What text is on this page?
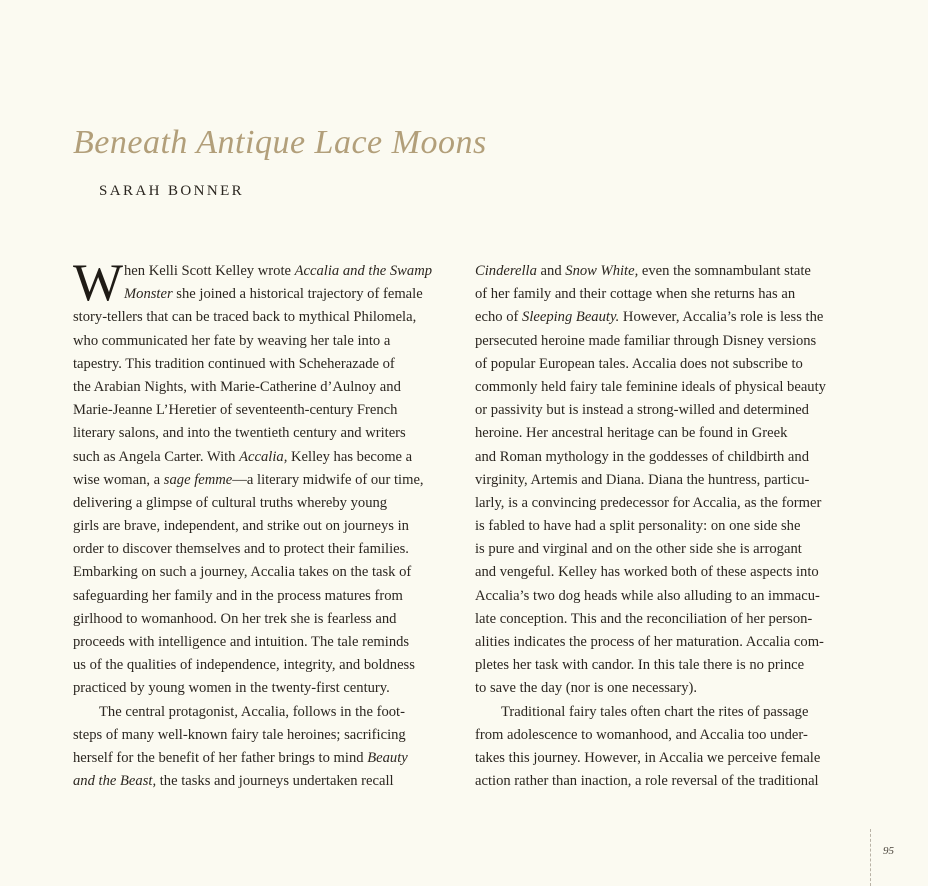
Beneath Antique Lace Moons
SARAH BONNER
W hen Kelli Scott Kelley wrote Accalia and the Swamp
Monster she joined a historical trajectory of female
story-tellers that can be traced back to mythical Philomela,
who communicated her fate by weaving her tale into a
tapestry. This tradition continued with Scheherazade of
the Arabian Nights, with Marie-Catherine d’Aulnoy and
Marie-Jeanne L’Heretier of seventeenth-century French
literary salons, and into the twentieth century and writers
such as Angela Carter. With Accalia, Kelley has become a
wise woman, a sage femme—a literary midwife of our time,
delivering a glimpse of cultural truths whereby young
girls are brave, independent, and strike out on journeys in
order to discover themselves and to protect their families.
Embarking on such a journey, Accalia takes on the task of
safeguarding her family and in the process matures from
girlhood to womanhood. On her trek she is fearless and
proceeds with intelligence and intuition. The tale reminds
us of the qualities of independence, integrity, and boldness
practiced by young women in the twenty-first century.
The central protagonist, Accalia, follows in the foot-
steps of many well-known fairy tale heroines; sacrificing
herself for the benefit of her father brings to mind Beauty
and the Beast, the tasks and journeys undertaken recall
Cinderella and Snow White, even the somnambulant state
of her family and their cottage when she returns has an
echo of Sleeping Beauty. However, Accalia’s role is less the
persecuted heroine made familiar through Disney versions
of popular European tales. Accalia does not subscribe to
commonly held fairy tale feminine ideals of physical beauty
or passivity but is instead a strong-willed and determined
heroine. Her ancestral heritage can be found in Greek
and Roman mythology in the goddesses of childbirth and
virginity, Artemis and Diana. Diana the huntress, particu-
larly, is a convincing predecessor for Accalia, as the former
is fabled to have had a split personality: on one side she
is pure and virginal and on the other side she is arrogant
and vengeful. Kelley has worked both of these aspects into
Accalia’s two dog heads while also alluding to an immacu-
late conception. This and the reconciliation of her person-
alities indicates the process of her maturation. Accalia com-
pletes her task with candor. In this tale there is no prince
to save the day (nor is one necessary).
Traditional fairy tales often chart the rites of passage
from adolescence to womanhood, and Accalia too under-
takes this journey. However, in Accalia we perceive female
action rather than inaction, a role reversal of the traditional
95
